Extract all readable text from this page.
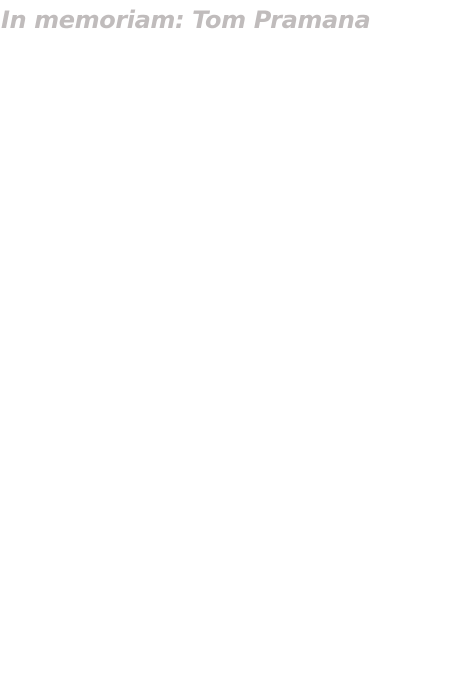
In memoriam: Tom Pramana
